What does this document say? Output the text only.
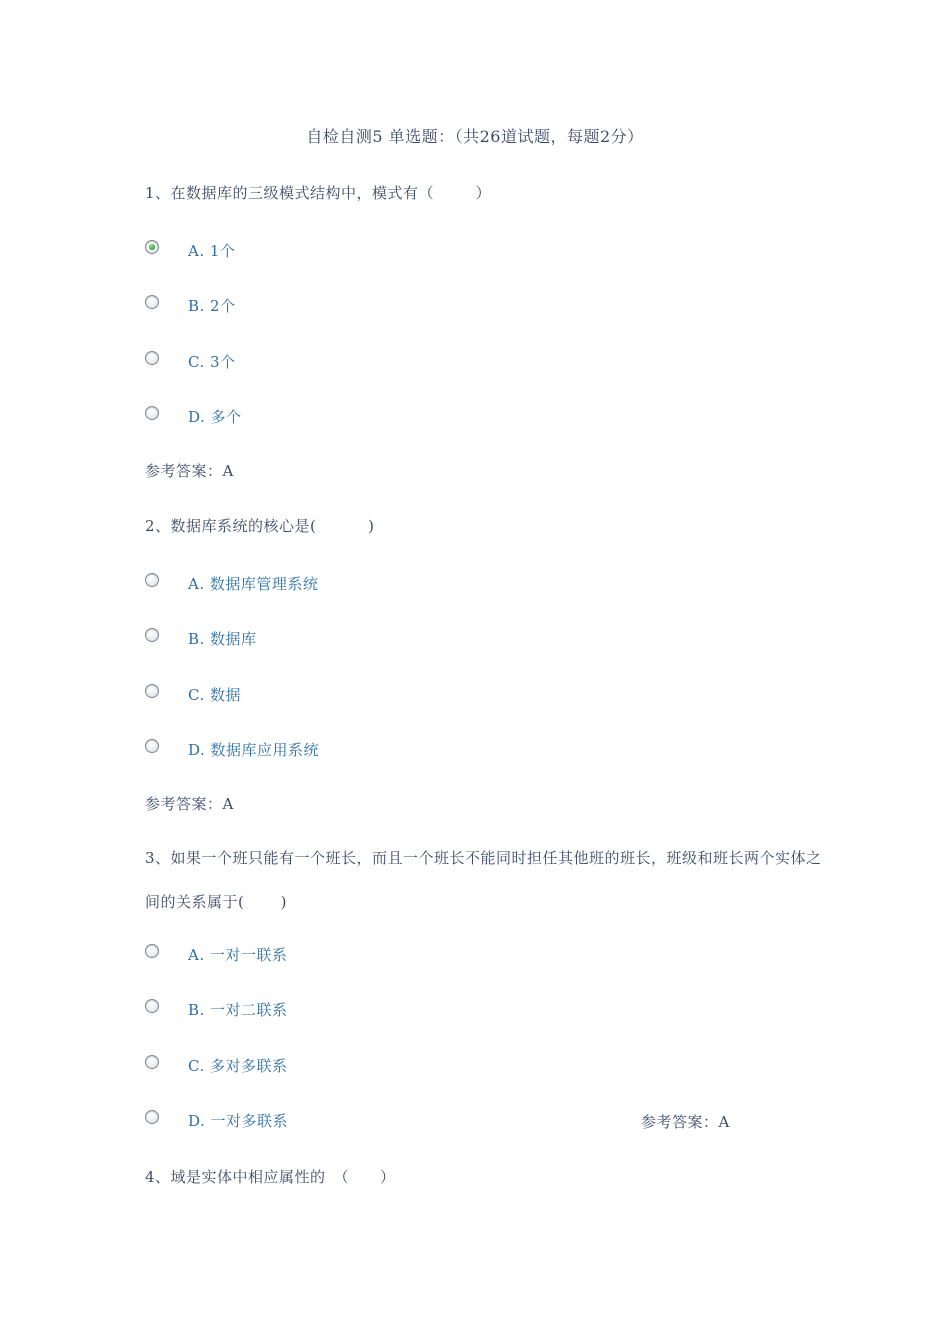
自检自测5 单选题：（共26道试题，每题2分）
1、在数据库的三级模式结构中，模式有（ 　　 ）
A. 1个
B. 2个
C. 3个
D. 多个
参考答案：A
2、数据库系统的核心是(　　 　)
A. 数据库管理系统
B. 数据库
C. 数据
D. 数据库应用系统
参考答案：A
3、如果一个班只能有一个班长，而且一个班长不能同时担任其他班的班长，班级和班长两个实体之间的关系属于(　　 )
A. 一对一联系
B. 一对二联系
C. 多对多联系
D. 一对多联系	参考答案：A
4、域是实体中相应属性的　（　　）
